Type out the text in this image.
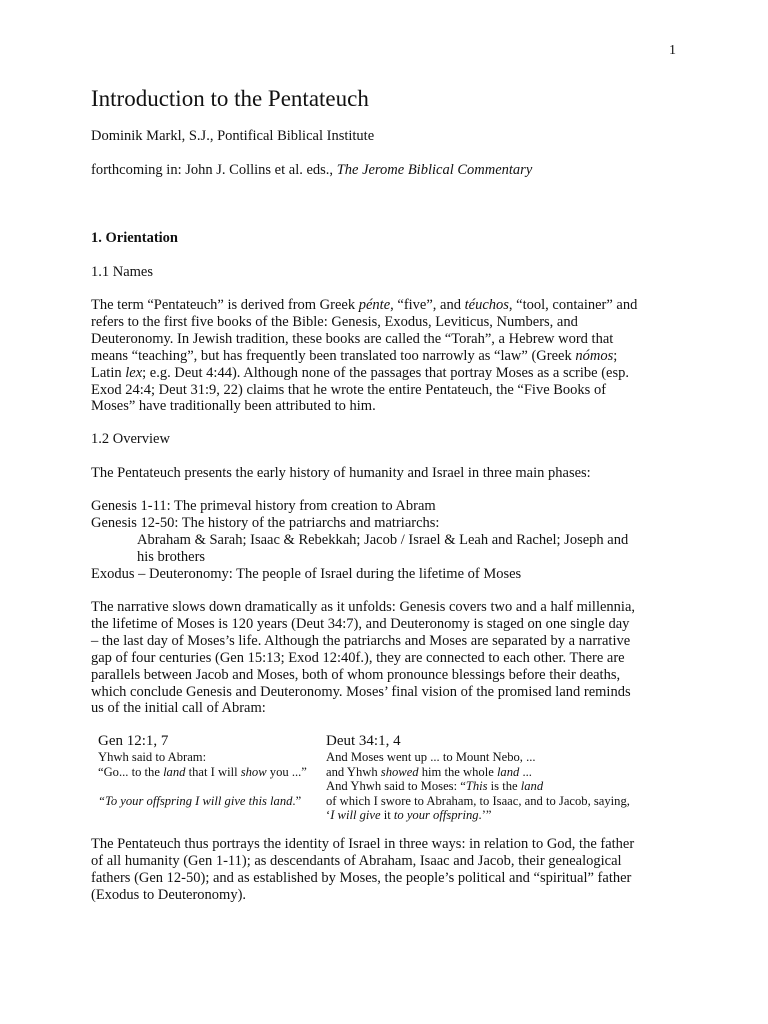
1
Introduction to the Pentateuch
Dominik Markl, S.J., Pontifical Biblical Institute
forthcoming in: John J. Collins et al. eds., The Jerome Biblical Commentary
1. Orientation
1.1 Names
The term “Pentateuch” is derived from Greek pénte, “five”, and téuchos, “tool, container” and
refers to the first five books of the Bible: Genesis, Exodus, Leviticus, Numbers, and
Deuteronomy. In Jewish tradition, these books are called the “Torah”, a Hebrew word that
means “teaching”, but has frequently been translated too narrowly as “law” (Greek nómos;
Latin lex; e.g. Deut 4:44). Although none of the passages that portray Moses as a scribe (esp.
Exod 24:4; Deut 31:9, 22) claims that he wrote the entire Pentateuch, the “Five Books of
Moses” have traditionally been attributed to him.
1.2 Overview
The Pentateuch presents the early history of humanity and Israel in three main phases:
Genesis 1-11: The primeval history from creation to Abram
Genesis 12-50: The history of the patriarchs and matriarchs:
Abraham & Sarah; Isaac & Rebekkah; Jacob / Israel & Leah and Rachel; Joseph and
his brothers
Exodus – Deuteronomy: The people of Israel during the lifetime of Moses
The narrative slows down dramatically as it unfolds: Genesis covers two and a half millennia,
the lifetime of Moses is 120 years (Deut 34:7), and Deuteronomy is staged on one single day
– the last day of Moses’s life. Although the patriarchs and Moses are separated by a narrative
gap of four centuries (Gen 15:13; Exod 12:40f.), they are connected to each other. There are
parallels between Jacob and Moses, both of whom pronounce blessings before their deaths,
which conclude Genesis and Deuteronomy. Moses’ final vision of the promised land reminds
us of the initial call of Abram:
Gen 12:1, 7
Yhwh said to Abram:
“Go... to the land that I will show you ...”
“To your offspring I will give this land.”
Deut 34:1, 4
And Moses went up ... to Mount Nebo, ...
and Yhwh showed him the whole land ...
And Yhwh said to Moses: “This is the land
of which I swore to Abraham, to Isaac, and to Jacob, saying,
‘I will give it to your offspring.’”
The Pentateuch thus portrays the identity of Israel in three ways: in relation to God, the father
of all humanity (Gen 1-11); as descendants of Abraham, Isaac and Jacob, their genealogical
fathers (Gen 12-50); and as established by Moses, the people’s political and “spiritual” father
(Exodus to Deuteronomy).
